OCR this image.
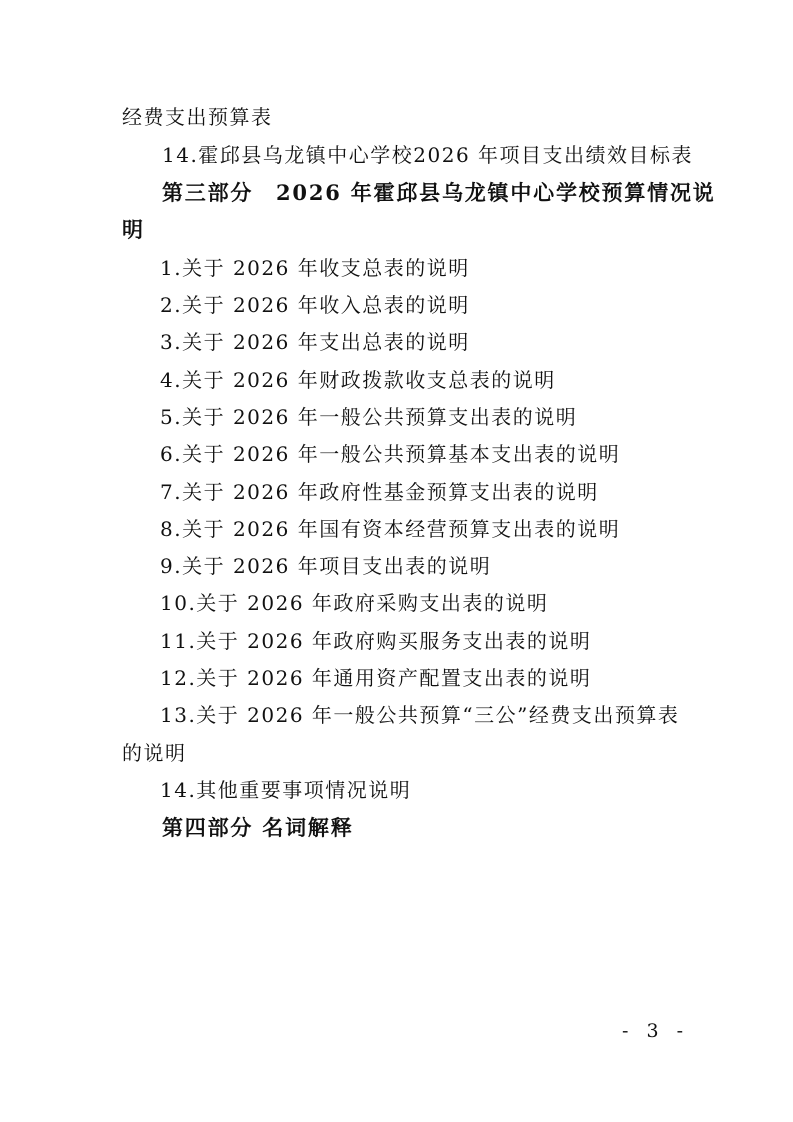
经费支出预算表
14.霍邱县乌龙镇中心学校2026 年项目支出绩效目标表
第三部分　2026 年霍邱县乌龙镇中心学校预算情况说
明
1.关于 2026 年收支总表的说明
2.关于 2026 年收入总表的说明
3.关于 2026 年支出总表的说明
4.关于 2026 年财政拨款收支总表的说明
5.关于 2026 年一般公共预算支出表的说明
6.关于 2026 年一般公共预算基本支出表的说明
7.关于 2026 年政府性基金预算支出表的说明
8.关于 2026 年国有资本经营预算支出表的说明
9.关于 2026 年项目支出表的说明
10.关于 2026 年政府采购支出表的说明
11.关于 2026 年政府购买服务支出表的说明
12.关于 2026 年通用资产配置支出表的说明
13.关于 2026 年一般公共预算“三公”经费支出预算表
的说明
14.其他重要事项情况说明
第四部分 名词解释
- 3 -
